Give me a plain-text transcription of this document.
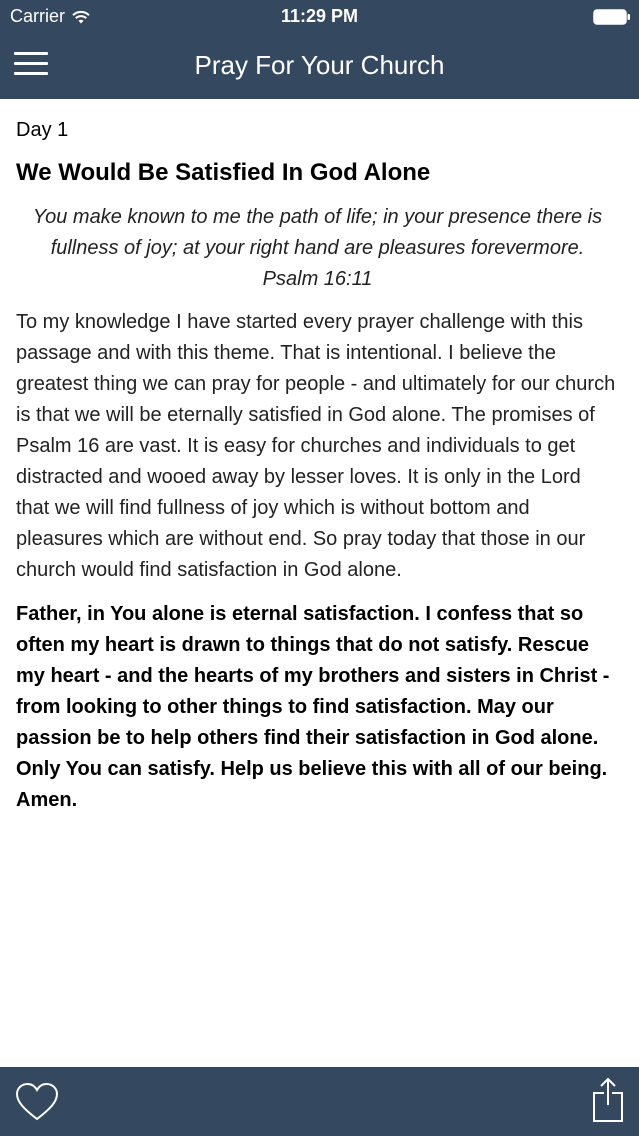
Carrier	11:29 PM
Pray For Your Church
Day 1
We Would Be Satisfied In God Alone
You make known to me the path of life; in your presence there is fullness of joy; at your right hand are pleasures forevermore.
Psalm 16:11
To my knowledge I have started every prayer challenge with this passage and with this theme. That is intentional. I believe the greatest thing we can pray for people - and ultimately for our church is that we will be eternally satisfied in God alone. The promises of Psalm 16 are vast. It is easy for churches and individuals to get distracted and wooed away by lesser loves. It is only in the Lord that we will find fullness of joy which is without bottom and pleasures which are without end. So pray today that those in our church would find satisfaction in God alone.
Father, in You alone is eternal satisfaction. I confess that so often my heart is drawn to things that do not satisfy. Rescue my heart - and the hearts of my brothers and sisters in Christ - from looking to other things to find satisfaction. May our passion be to help others find their satisfaction in God alone. Only You can satisfy. Help us believe this with all of our being. Amen.
